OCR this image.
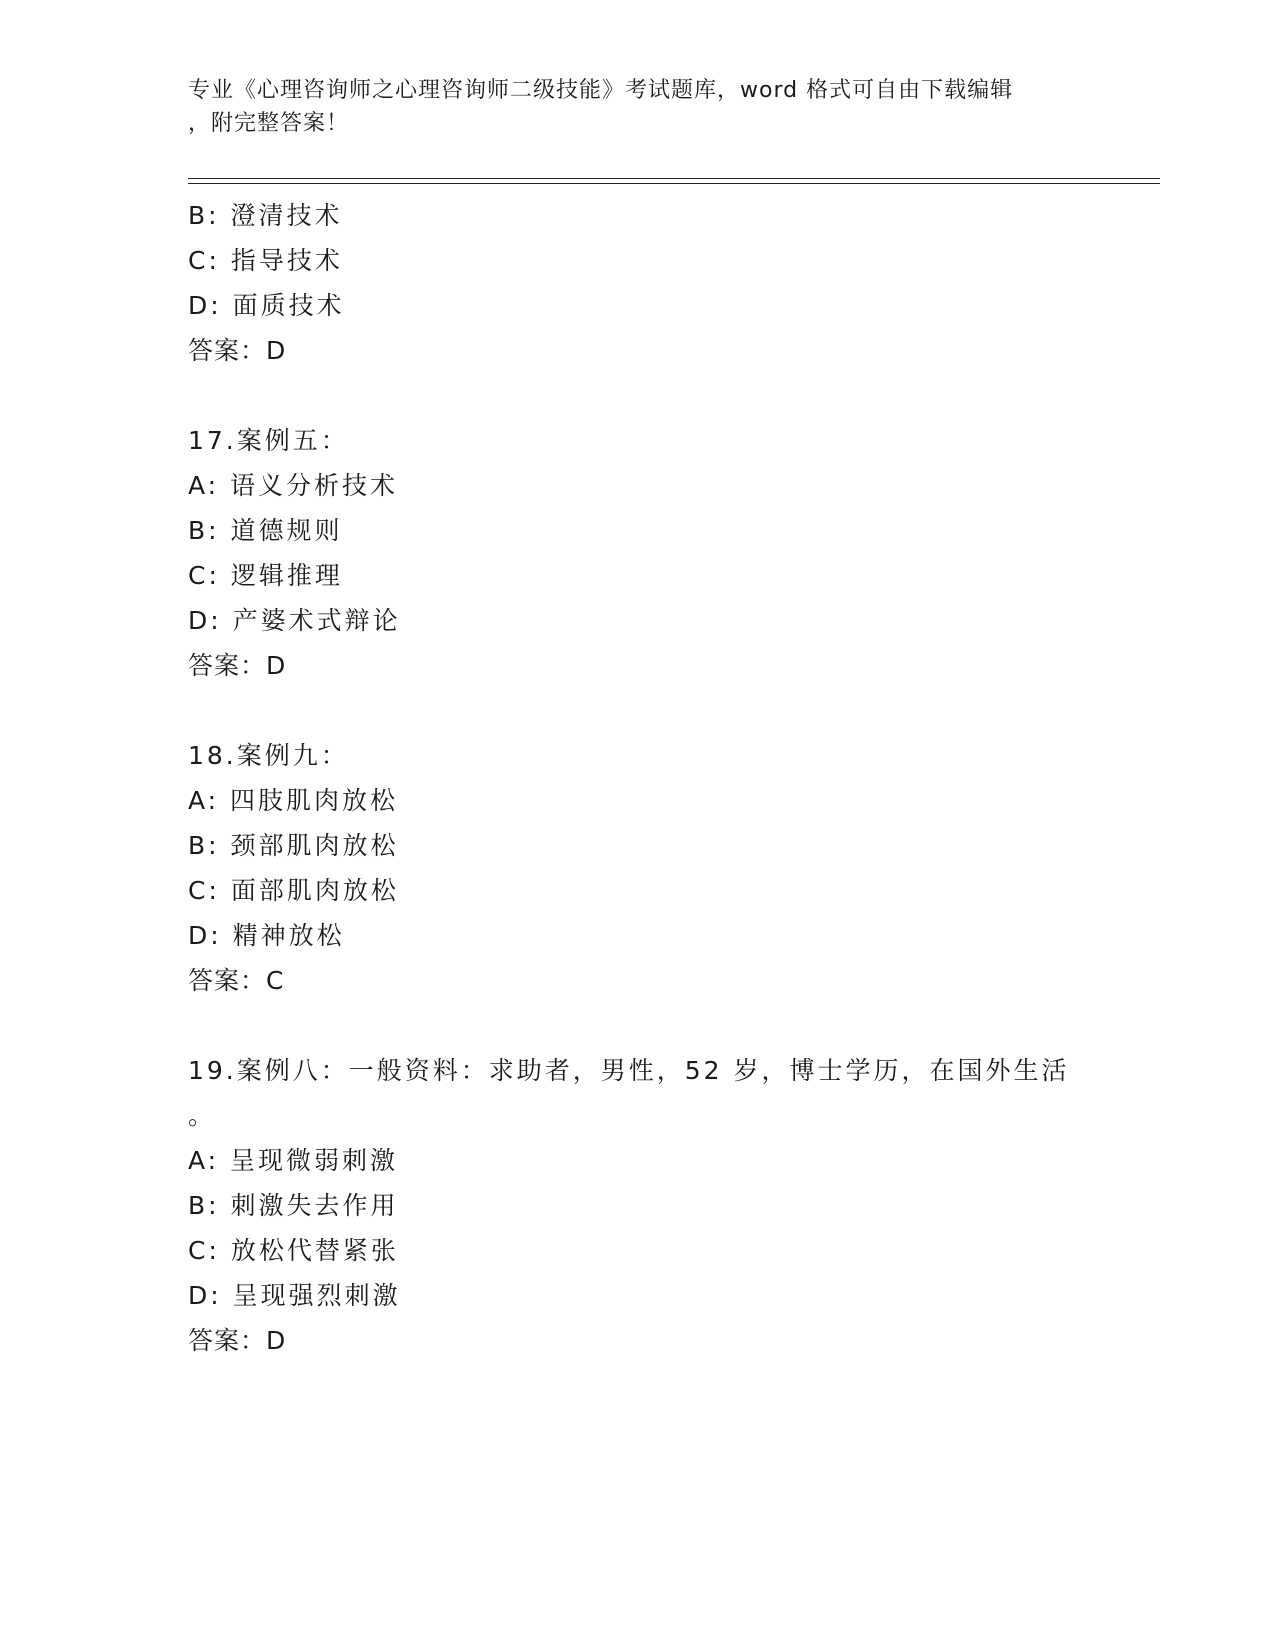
专业《心理咨询师之心理咨询师二级技能》考试题库，word 格式可自由下载编辑
，附完整答案！
B: 澄清技术
C: 指导技术
D: 面质技术
答案：D
17.案例五：
A: 语义分析技术
B: 道德规则
C: 逻辑推理
D: 产婆术式辩论
答案：D
18.案例九：
A: 四肢肌肉放松
B: 颈部肌肉放松
C: 面部肌肉放松
D: 精神放松
答案：C
19.案例八：一般资料：求助者，男性，52 岁，博士学历，在国外生活
。
A: 呈现微弱刺激
B: 刺激失去作用
C: 放松代替紧张
D: 呈现强烈刺激
答案：D
